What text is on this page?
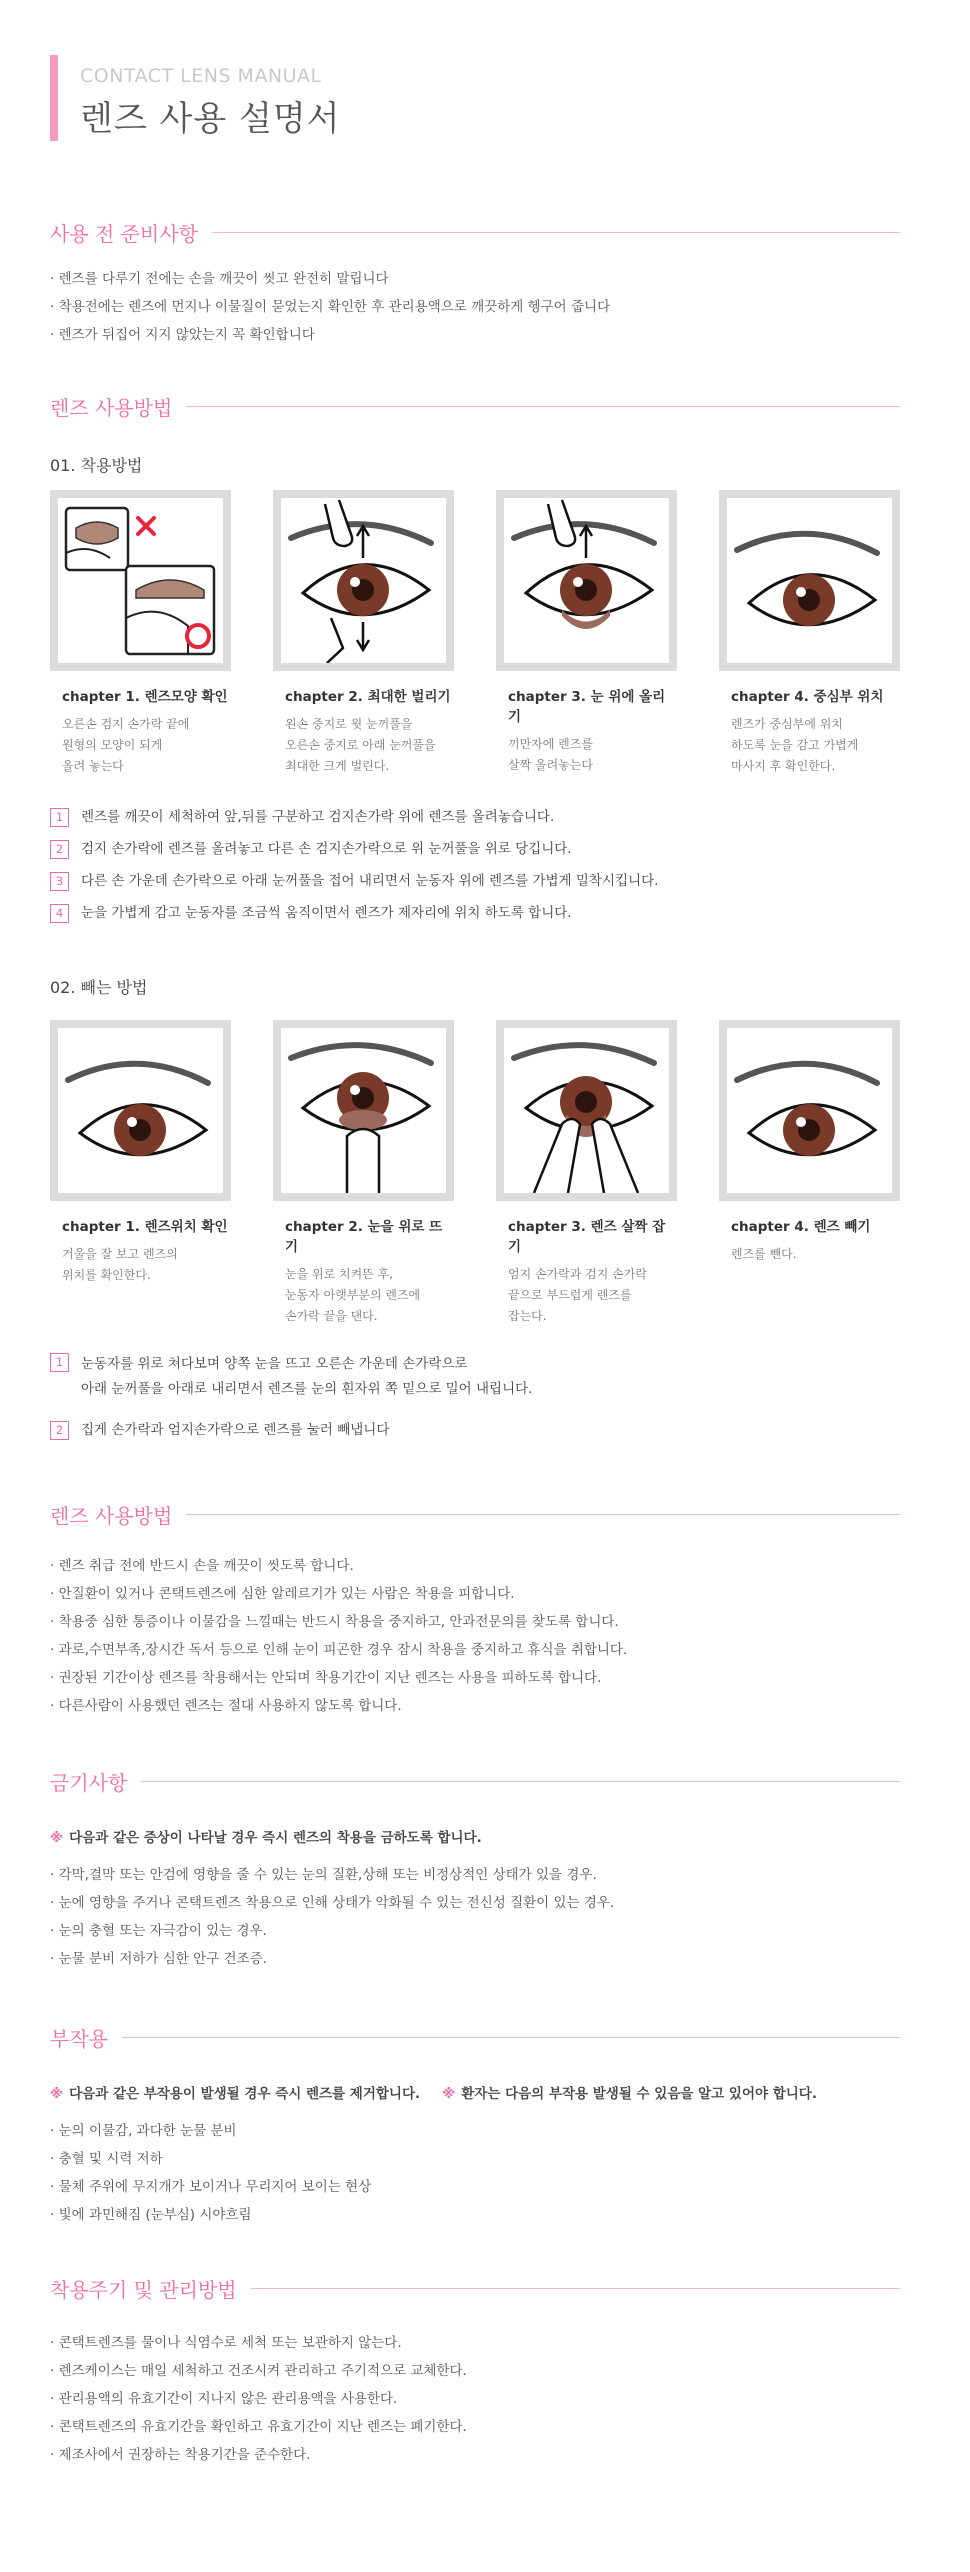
CONTACT LENS MANUAL
렌즈 사용 설명서
사용 전 준비사항
· 렌즈를 다루기 전에는 손을 깨끗이 씻고 완전히 말립니다
· 착용전에는 렌즈에 먼지나 이물질이 묻었는지 확인한 후 관리용액으로 깨끗하게 헹구어 줍니다
· 렌즈가 뒤집어 지지 않았는지 꼭 확인합니다
렌즈 사용방법
01. 착용방법
chapter 1. 렌즈모양 확인
오른손 검지 손가락 끝에
원형의 모양이 되게
올려 놓는다
chapter 2. 최대한 벌리기
왼손 중지로 윗 눈꺼풀을
오른손 중지로 아래 눈꺼풀을
최대한 크게 벌린다.
chapter 3. 눈 위에 올리기
끼만자에 렌즈를
살짝 올려놓는다
chapter 4. 중심부 위치
렌즈가 중심부에 위치
하도록 눈을 감고 가볍게
마사지 후 확인한다.
1	렌즈를 깨끗이 세척하여 앞,뒤를 구분하고 검지손가락 위에 렌즈를 올려놓습니다.
2	검지 손가락에 렌즈를 올려놓고 다른 손 검지손가락으로 위 눈꺼풀을 위로 당깁니다.
3	다른 손 가운데 손가락으로 아래 눈꺼풀을 접어 내리면서 눈동자 위에 렌즈를 가볍게 밀착시킵니다.
4	눈을 가볍게 감고 눈동자를 조금씩 움직이면서 렌즈가 제자리에 위치 하도록 합니다.
02. 빼는 방법
chapter 1. 렌즈위치 확인
거울을 잘 보고 렌즈의
위치를 확인한다.
chapter 2. 눈을 위로 뜨기
눈을 위로 치켜뜬 후,
눈동자 아랫부분의 렌즈에
손가락 끝을 댄다.
chapter 3. 렌즈 살짝 잡기
엄지 손가락과 검지 손가락
끝으로 부드럽게 렌즈를
잡는다.
chapter 4. 렌즈 빼기
렌즈를 뺀다.
1	눈동자를 위로 쳐다보며 양쪽 눈을 뜨고 오른손 가운데 손가락으로
아래 눈꺼풀을 아래로 내리면서 렌즈를 눈의 흰자위 쪽 밑으로 밀어 내립니다.
2	집게 손가락과 엄지손가락으로 렌즈를 눌러 빼냅니다
렌즈 사용방법
· 렌즈 취급 전에 반드시 손을 깨끗이 씻도록 합니다.
· 안질환이 있거나 콘택트렌즈에 심한 알레르기가 있는 사람은 착용을 피합니다.
· 착용중 심한 통증이나 이물감을 느낄때는 반드시 착용을 중지하고, 안과전문의를 찾도록 합니다.
· 과로,수면부족,장시간 독서 등으로 인해 눈이 피곤한 경우 잠시 착용을 중지하고 휴식을 취합니다.
· 권장된 기간이상 렌즈를 착용해서는 안되며 착용기간이 지난 렌즈는 사용을 피하도록 합니다.
· 다른사람이 사용했던 렌즈는 절대 사용하지 않도록 합니다.
금기사항
※ 다음과 같은 증상이 나타날 경우 즉시 렌즈의 착용을 금하도록 합니다.
· 각막,결막 또는 안검에 영향을 줄 수 있는 눈의 질환,상해 또는 비정상적인 상태가 있을 경우.
· 눈에 영향을 주거나 콘택트렌즈 착용으로 인해 상태가 악화될 수 있는 전신성 질환이 있는 경우.
· 눈의 충혈 또는 자극감이 있는 경우.
· 눈물 분비 저하가 심한 안구 건조증.
부작용
※ 다음과 같은 부작용이 발생될 경우 즉시 렌즈를 제거합니다. ※ 환자는 다음의 부작용 발생될 수 있음을 알고 있어야 합니다.
· 눈의 이물감, 과다한 눈물 분비
· 충혈 및 시력 저하
· 물체 주위에 무지개가 보이거나 무리지어 보이는 현상
· 빛에 과민해짐 (눈부심) 시야흐림
착용주기 및 관리방법
· 콘택트렌즈를 물이나 식염수로 세척 또는 보관하지 않는다.
· 렌즈케이스는 매일 세척하고 건조시켜 관리하고 주기적으로 교체한다.
· 관리용액의 유효기간이 지나지 않은 관리용액을 사용한다.
· 콘택트렌즈의 유효기간을 확인하고 유효기간이 지난 렌즈는 폐기한다.
· 제조사에서 권장하는 착용기간을 준수한다.
